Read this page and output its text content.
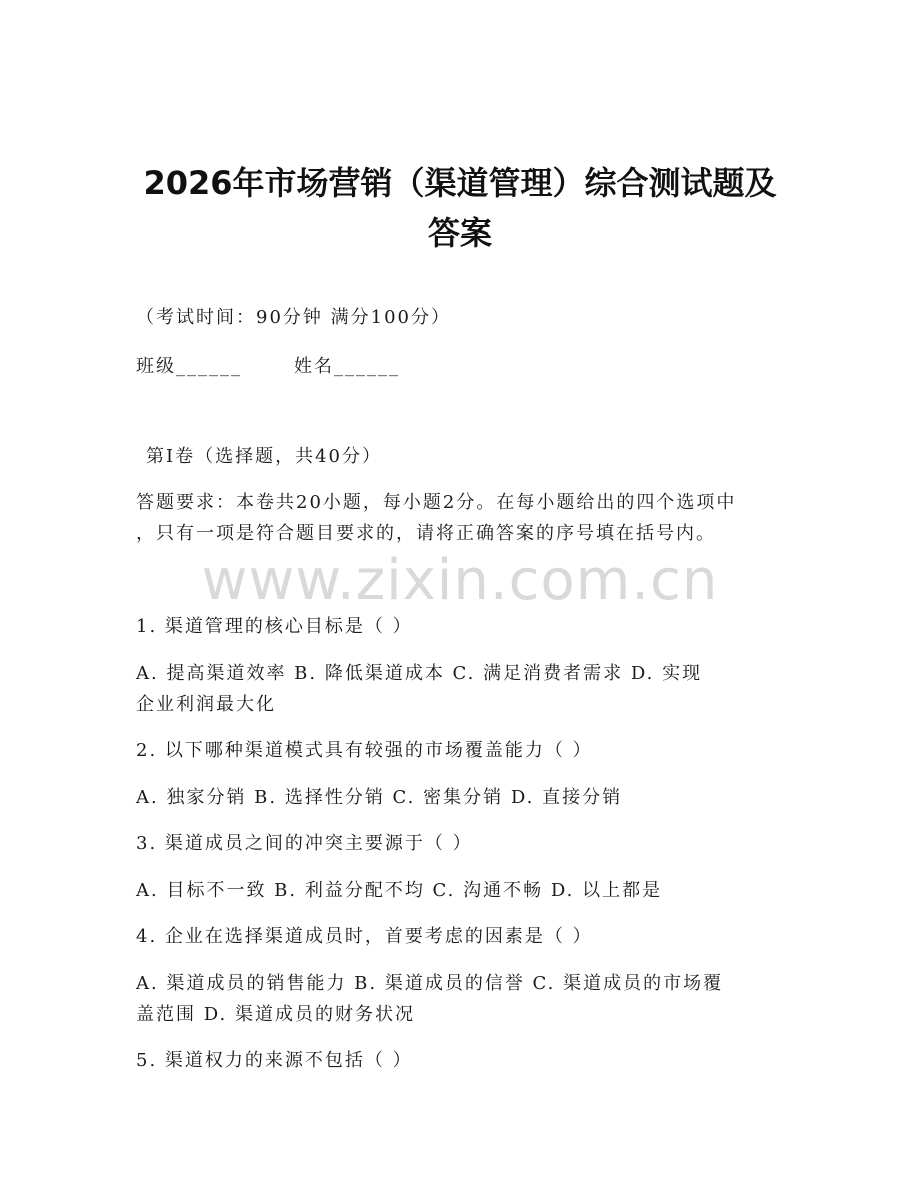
2026年市场营销（渠道管理）综合测试题及
答案
（考试时间：90分钟 满分100分）
班级______	姓名______
第I卷（选择题，共40分）
答题要求：本卷共20小题，每小题2分。在每小题给出的四个选项中
，只有一项是符合题目要求的，请将正确答案的序号填在括号内。
www.zixin.com.cn
1. 渠道管理的核心目标是（ ）
A. 提高渠道效率 B. 降低渠道成本 C. 满足消费者需求 D. 实现
企业利润最大化
2. 以下哪种渠道模式具有较强的市场覆盖能力（ ）
A. 独家分销 B. 选择性分销 C. 密集分销 D. 直接分销
3. 渠道成员之间的冲突主要源于（ ）
A. 目标不一致 B. 利益分配不均 C. 沟通不畅 D. 以上都是
4. 企业在选择渠道成员时，首要考虑的因素是（ ）
A. 渠道成员的销售能力 B. 渠道成员的信誉 C. 渠道成员的市场覆
盖范围 D. 渠道成员的财务状况
5. 渠道权力的来源不包括（ ）
